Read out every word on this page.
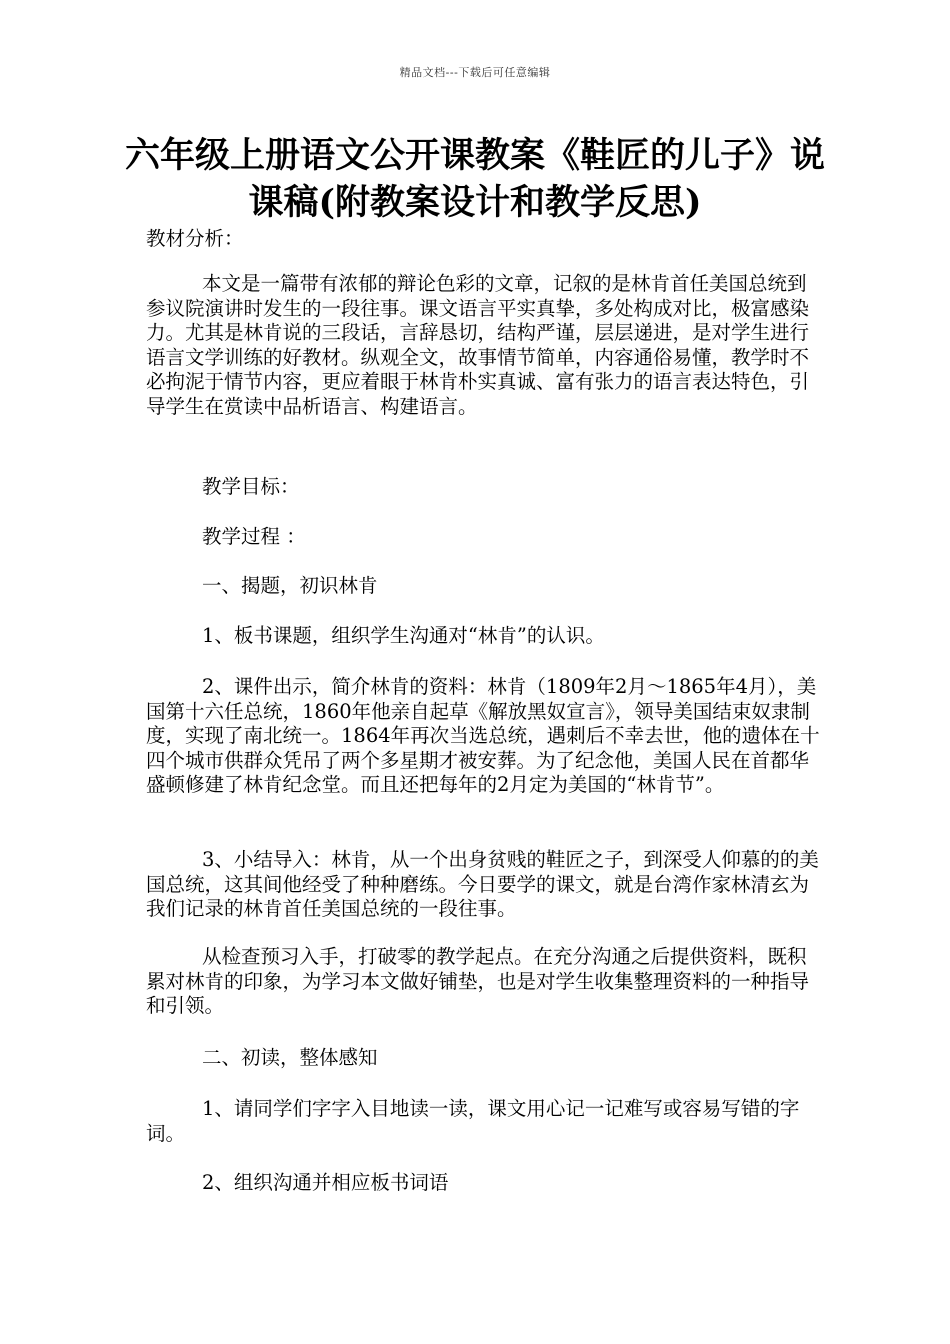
精品文档---下载后可任意编辑
六年级上册语文公开课教案《鞋匠的儿子》说课稿(附教案设计和教学反思)

教材分析：

本文是一篇带有浓郁的辩论色彩的文章，记叙的是林肯首任美国总统到参议院演讲时发生的一段往事。课文语言平实真挚，多处构成对比，极富感染力。尤其是林肯说的三段话，言辞恳切，结构严谨，层层递进，是对学生进行语言文学训练的好教材。纵观全文，故事情节简单，内容通俗易懂，教学时不必拘泥于情节内容，更应着眼于林肯朴实真诚、富有张力的语言表达特色，引导学生在赏读中品析语言、构建语言。

教学目标：

教学过程 ：

一、揭题，初识林肯

1、板书课题，组织学生沟通对“林肯”的认识。

2、课件出示，简介林肯的资料：林肯（1809年2月～1865年4月），美国第十六任总统，1860年他亲自起草《解放黑奴宣言》，领导美国结束奴隶制度，实现了南北统一。1864年再次当选总统，遇刺后不幸去世，他的遗体在十四个城市供群众凭吊了两个多星期才被安葬。为了纪念他，美国人民在首都华盛顿修建了林肯纪念堂。而且还把每年的2月定为美国的“林肯节”。

3、小结导入：林肯，从一个出身贫贱的鞋匠之子，到深受人仰慕的的美国总统，这其间他经受了种种磨练。今日要学的课文，就是台湾作家林清玄为我们记录的林肯首任美国总统的一段往事。

从检查预习入手，打破零的教学起点。在充分沟通之后提供资料，既积累对林肯的印象，为学习本文做好铺垫，也是对学生收集整理资料的一种指导和引领。

二、初读，整体感知

1、请同学们字字入目地读一读，课文用心记一记难写或容易写错的字词。

2、组织沟通并相应板书词语
